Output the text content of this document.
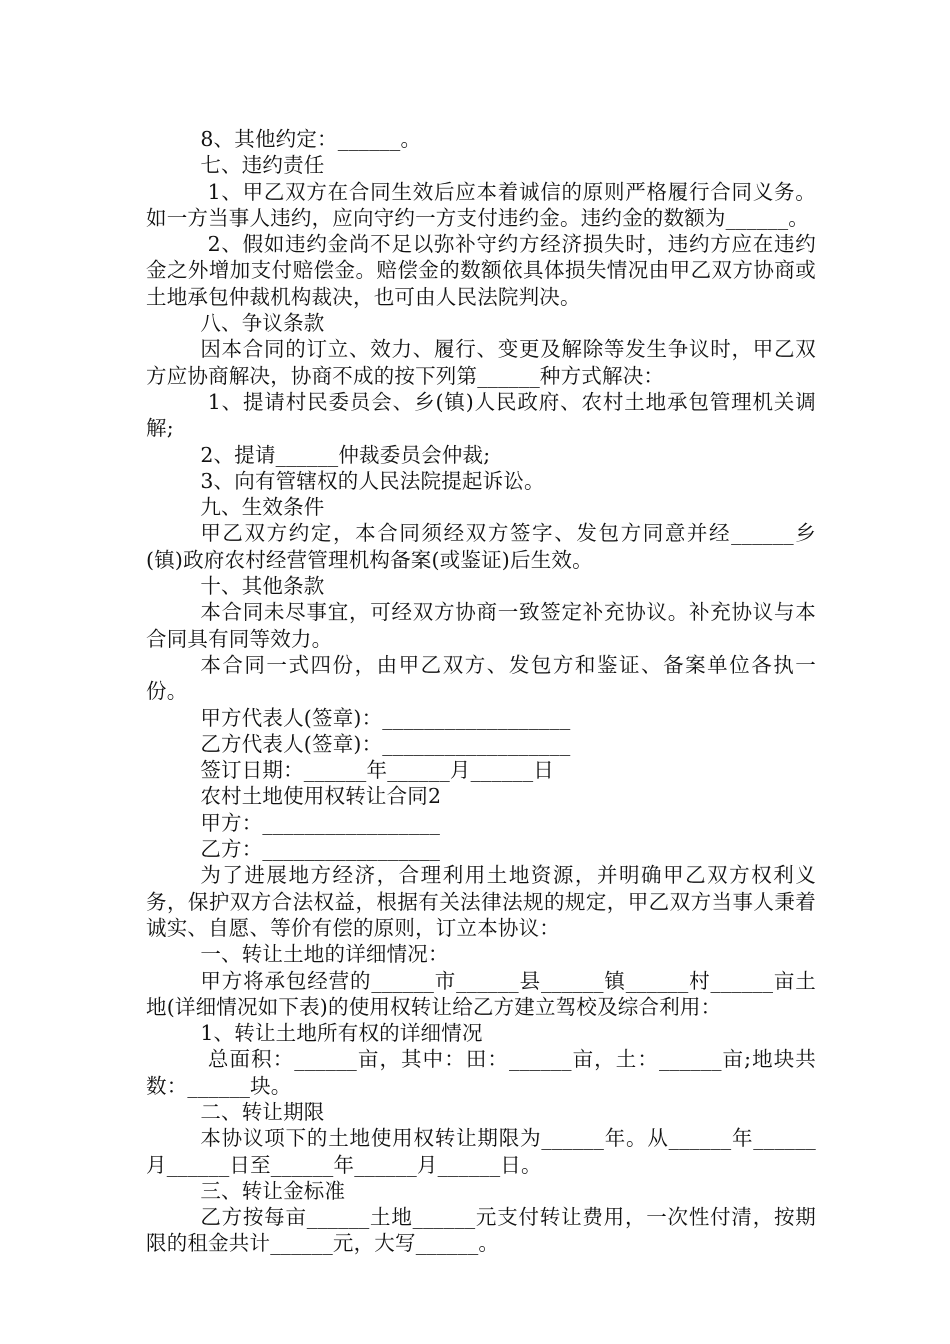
8、其他约定：______。

七、违约责任

1、甲乙双方在合同生效后应本着诚信的原则严格履行合同义务。如一方当事人违约，应向守约一方支付违约金。违约金的数额为______。

2、假如违约金尚不足以弥补守约方经济损失时，违约方应在违约金之外增加支付赔偿金。赔偿金的数额依具体损失情况由甲乙双方协商或土地承包仲裁机构裁决，也可由人民法院判决。

八、争议条款

因本合同的订立、效力、履行、变更及解除等发生争议时，甲乙双方应协商解决，协商不成的按下列第______种方式解决：

1、提请村民委员会、乡(镇)人民政府、农村土地承包管理机关调解;

2、提请______仲裁委员会仲裁;

3、向有管辖权的人民法院提起诉讼。

九、生效条件

甲乙双方约定，本合同须经双方签字、发包方同意并经______乡(镇)政府农村经营管理机构备案(或鉴证)后生效。

十、其他条款

本合同未尽事宜，可经双方协商一致签定补充协议。补充协议与本合同具有同等效力。

本合同一式四份，由甲乙双方、发包方和鉴证、备案单位各执一份。

甲方代表人(签章)：__________________

乙方代表人(签章)：__________________

签订日期：______年______月______日

农村土地使用权转让合同2

甲方：_________________

乙方：_________________

为了进展地方经济，合理利用土地资源，并明确甲乙双方权利义务，保护双方合法权益，根据有关法律法规的规定，甲乙双方当事人秉着诚实、自愿、等价有偿的原则，订立本协议：

一、转让土地的详细情况：

甲方将承包经营的______市______县______镇______村______亩土地(详细情况如下表)的使用权转让给乙方建立驾校及综合利用：

1、转让土地所有权的详细情况

总面积：______亩，其中：田：______亩，土：______亩;地块共数：______块。

二、转让期限

本协议项下的土地使用权转让期限为______年。从______年______月______日至______年______月______日。

三、转让金标准

乙方按每亩______土地______元支付转让费用，一次性付清，按期限的租金共计______元，大写______。
